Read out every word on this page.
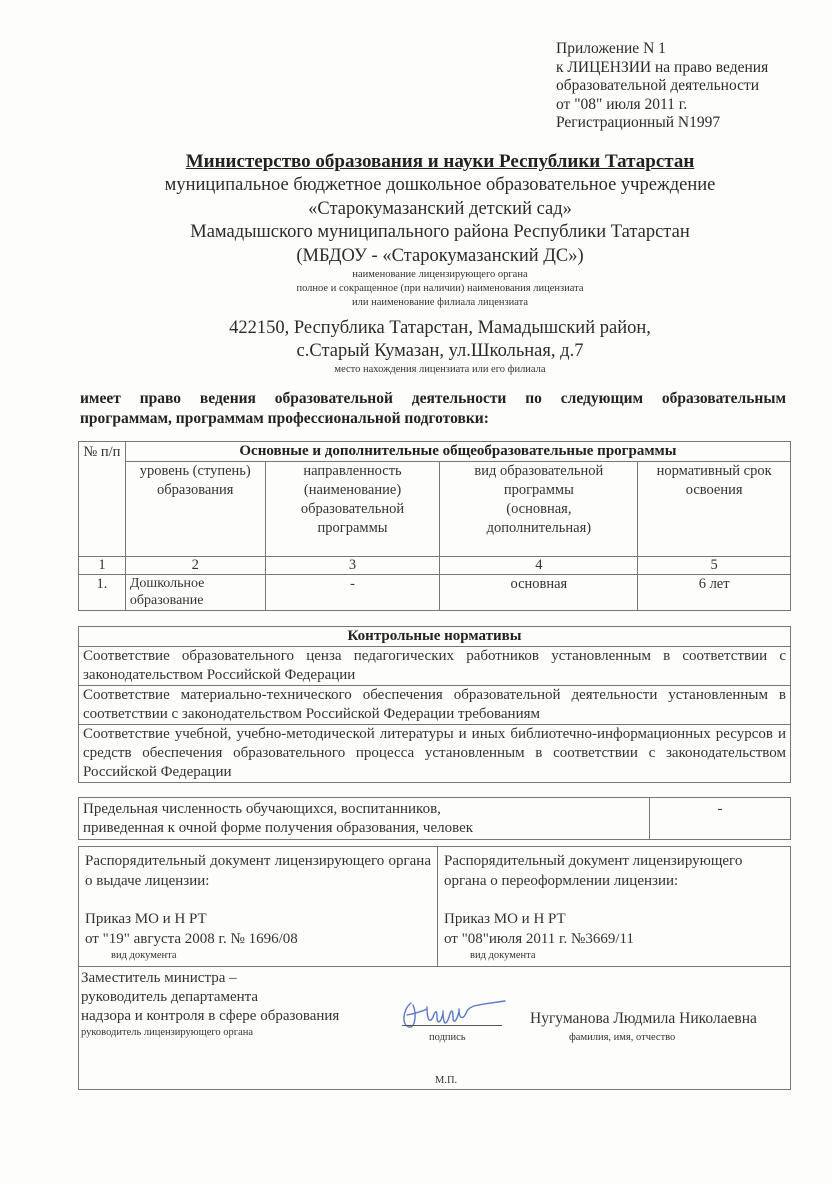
Приложение N 1
к ЛИЦЕНЗИИ на право ведения
образовательной деятельности
от "08" июля 2011 г.
Регистрационный N1997
Министерство образования и науки Республики Татарстан
муниципальное бюджетное дошкольное образовательное учреждение
«Старокумазанский детский сад»
Мамадышского муниципального района Республики Татарстан
(МБДОУ - «Старокумазанский ДС»)
наименование лицензирующего органа
полное и сокращенное (при наличии) наименования лицензиата
или наименование филиала лицензиата
422150, Республика Татарстан, Мамадышский район,
с.Старый Кумазан, ул.Школьная, д.7
место нахождения лицензиата или его филиала
имеет право ведения образовательной деятельности по следующим образовательным
программам, программам профессиональной подготовки:
№ п/п	Основные и дополнительные общеобразовательные программы			
	уровень (ступень) образования	направленность (наименование) образовательной программы	вид образовательной программы (основная, дополнительная)	нормативный срок освоения
1	2	3	4	5
1.	Дошкольное образование	-	основная	6 лет
Контрольные нормативы
Соответствие образовательного ценза педагогических работников установленным в соответствии с законодательством Российской Федерации
Соответствие материально-технического обеспечения образовательной деятельности установленным в соответствии с законодательством Российской Федерации требованиям
Соответствие учебной, учебно-методической литературы и иных библиотечно-информационных ресурсов и средств обеспечения образовательного процесса установленным в соответствии с законодательством Российской Федерации
Предельная численность обучающихся, воспитанников,
приведенная к очной форме получения образования, человек
	-
Распорядительный документ лицензирующего органа о выдаче лицензии:
Приказ МО и Н РТ
от "19" августа 2008 г. № 1696/08
вид документа

Распорядительный документ лицензирующего органа о переоформлении лицензии:
Приказ МО и Н РТ
от "08"июля 2011 г. №3669/11
вид документа

Заместитель министра –
руководитель департамента
надзора и контроля в сфере образования
руководитель лицензирующего органа	подпись
Нугуманова Людмила Николаевна
фамилия, имя, отчество
М.П.
